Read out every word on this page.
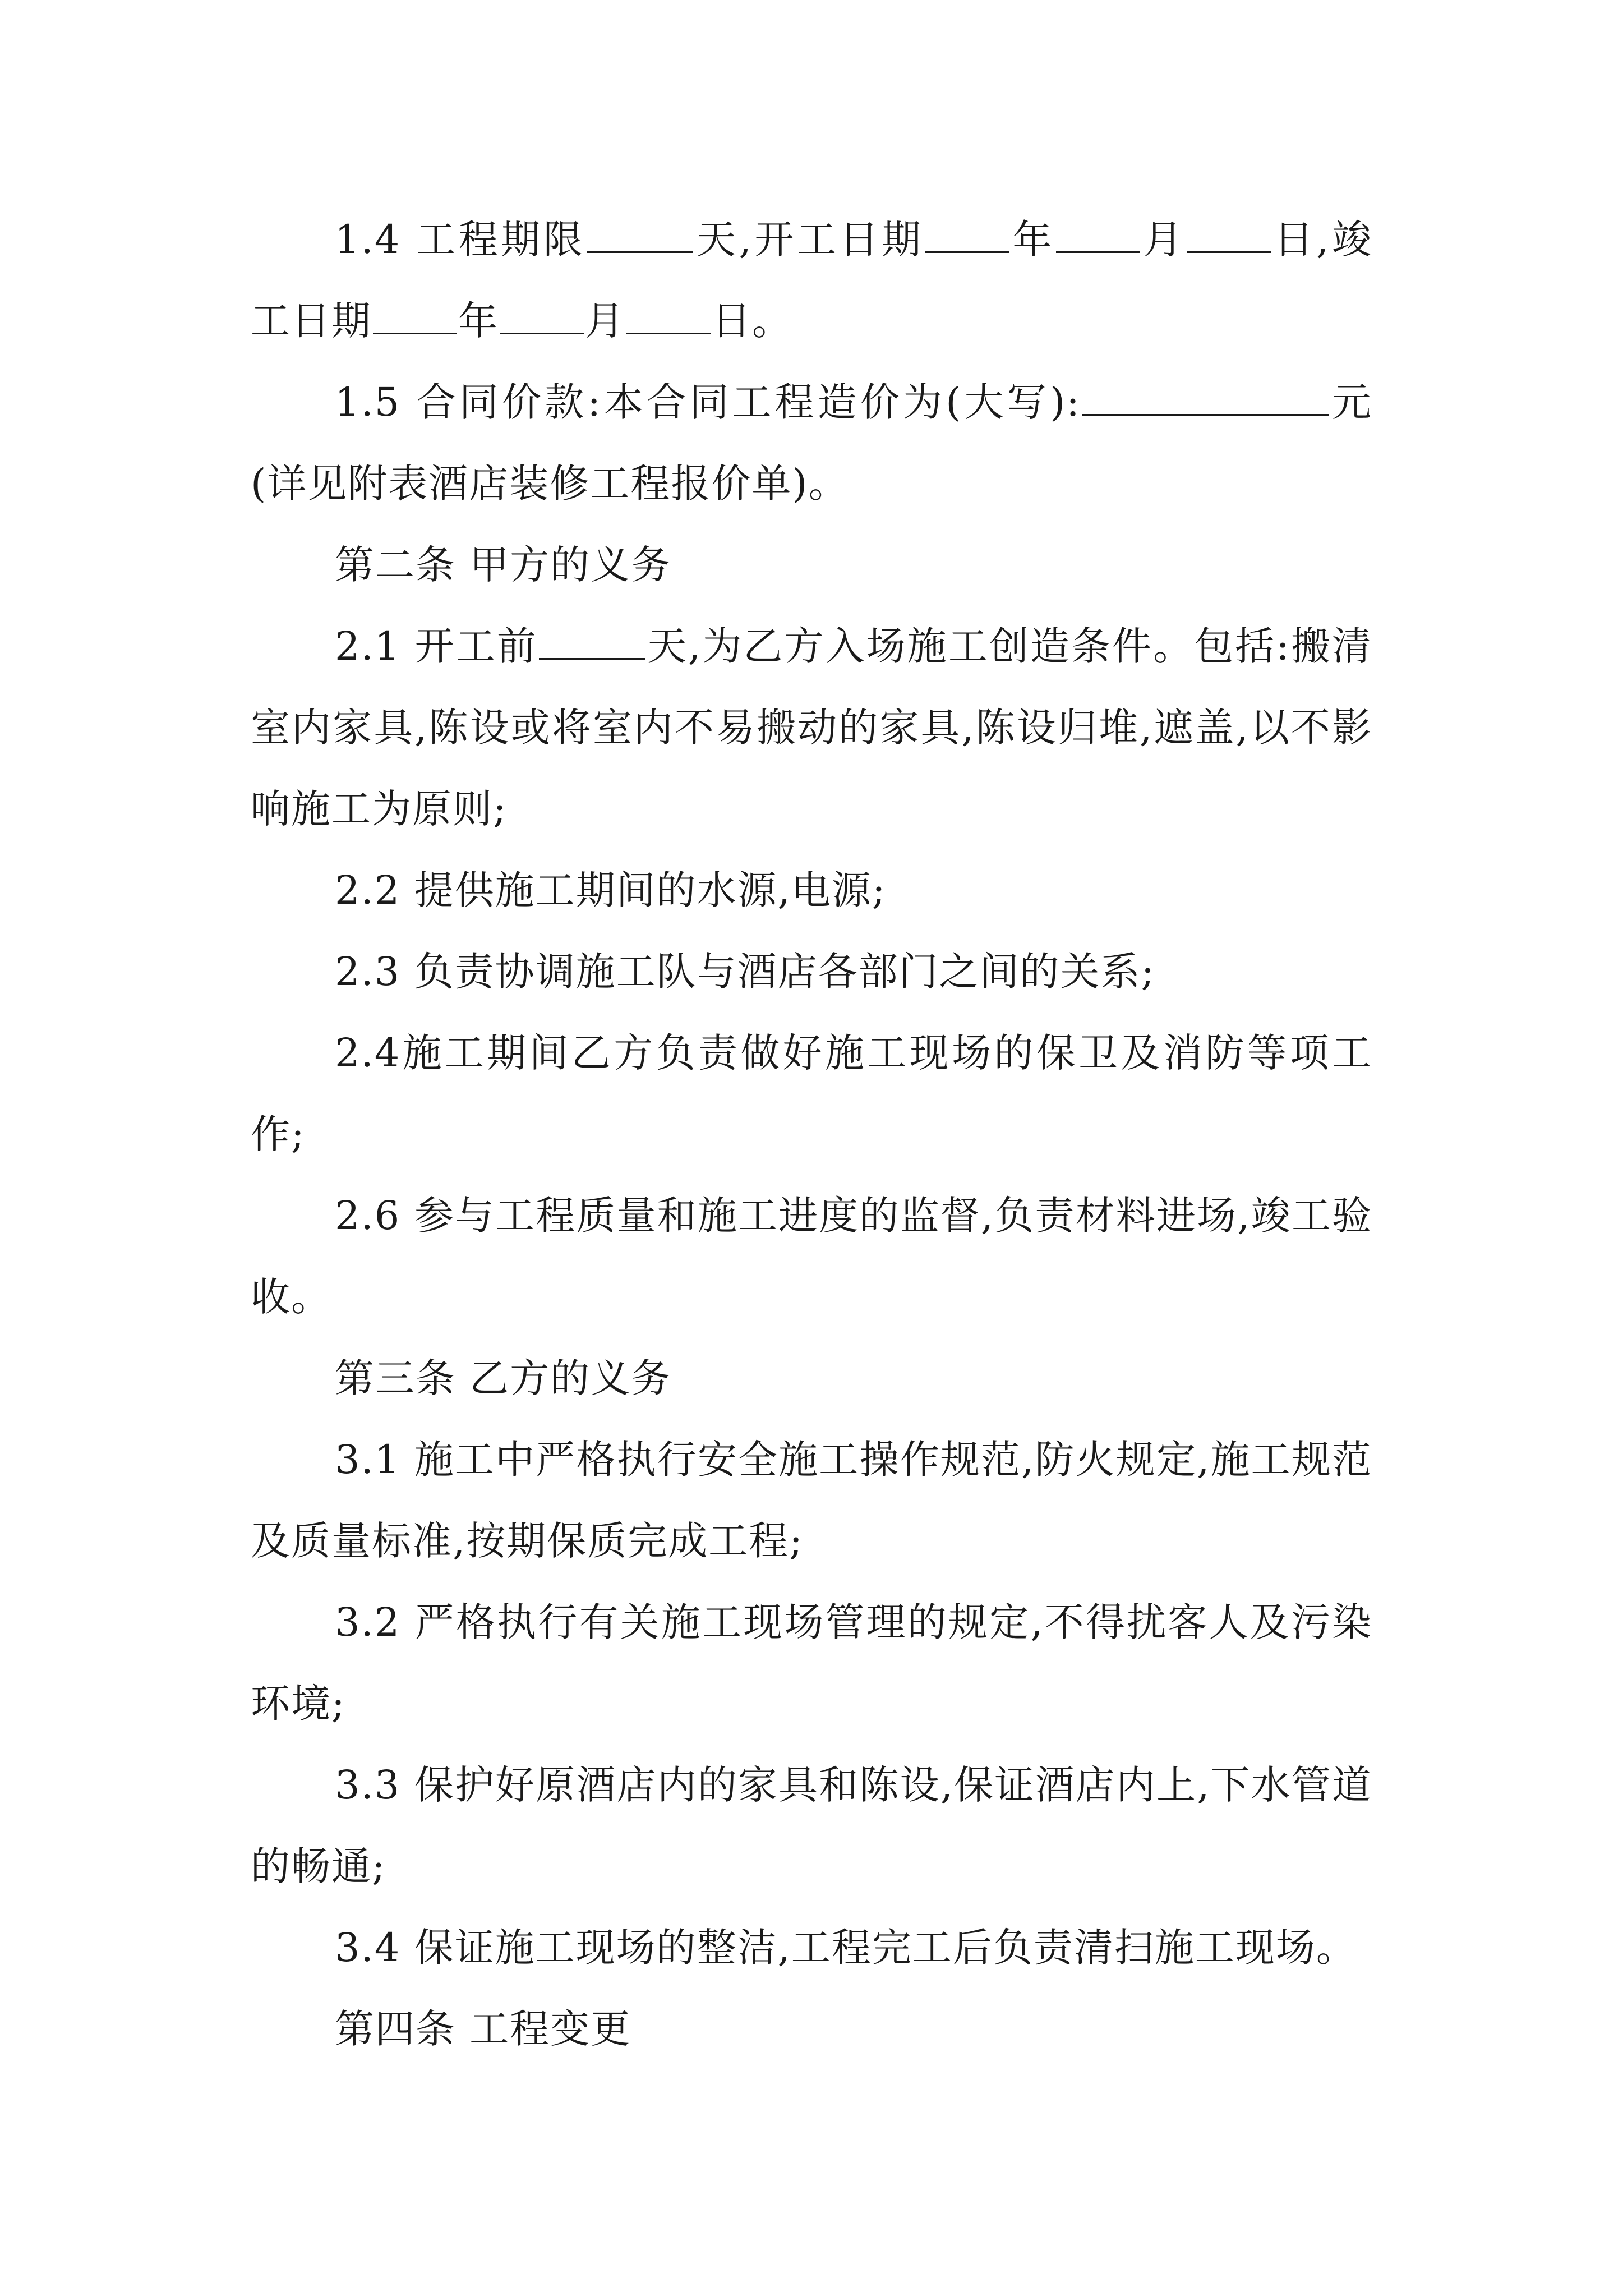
1.4 工程期限	天,开工日期 年 月 日,竣工日期 年 月 日。

1.5 合同价款:本合同工程造价为(大写):	元(详见附表酒店装修工程报价单)。

第二条 甲方的义务

2.1 开工前	天,为乙方入场施工创造条件。包括:搬清室内家具,陈设或将室内不易搬动的家具,陈设归堆,遮盖,以不影响施工为原则;

2.2 提供施工期间的水源,电源;

2.3 负责协调施工队与酒店各部门之间的关系;

2.4施工期间乙方负责做好施工现场的保卫及消防等项工作;

2.6 参与工程质量和施工进度的监督,负责材料进场,竣工验收。

第三条 乙方的义务

3.1 施工中严格执行安全施工操作规范,防火规定,施工规范及质量标准,按期保质完成工程;

3.2 严格执行有关施工现场管理的规定,不得扰客人及污染环境;

3.3 保护好原酒店内的家具和陈设,保证酒店内上,下水管道的畅通;

3.4 保证施工现场的整洁,工程完工后负责清扫施工现场。

第四条 工程变更
